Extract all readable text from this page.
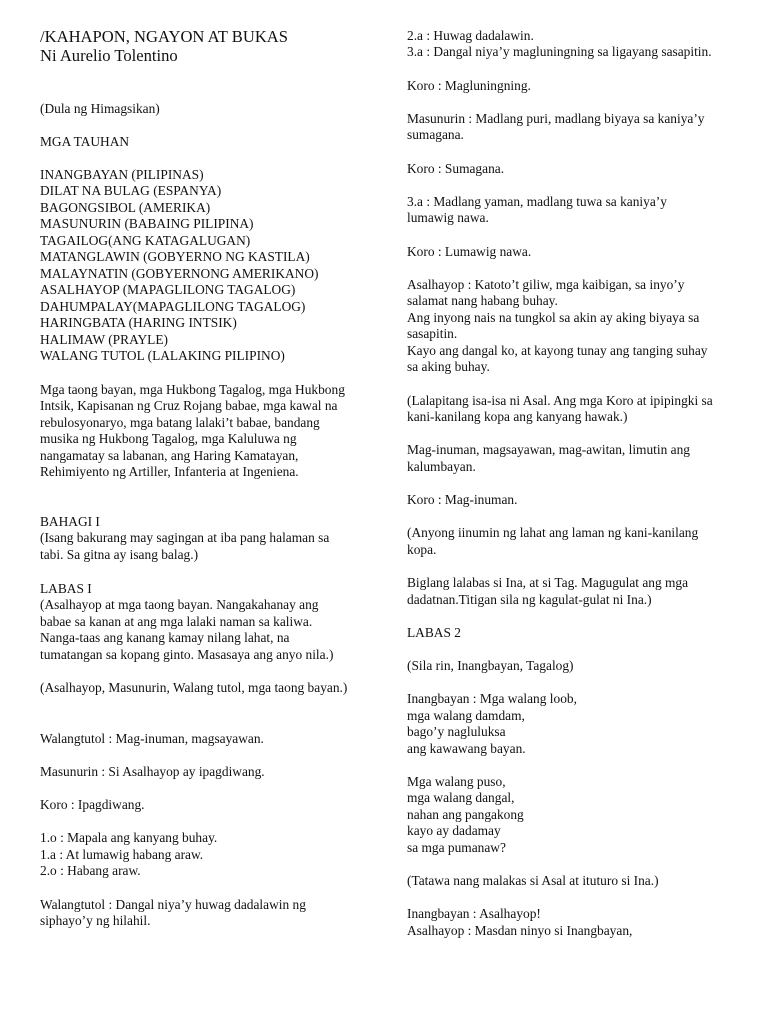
/KAHAPON, NGAYON AT BUKAS
Ni Aurelio Tolentino
(Dula ng Himagsikan)
MGA TAUHAN
INANGBAYAN (PILIPINAS)
DILAT NA BULAG (ESPANYA)
BAGONGSIBOL (AMERIKA)
MASUNURIN (BABAING PILIPINA)
TAGAILOG(ANG KATAGALUGAN)
MATANGLAWIN (GOBYERNO NG KASTILA)
MALAYNATIN (GOBYERNONG AMERIKANO)
ASALHAYOP (MAPAGLILONG TAGALOG)
DAHUMPALAY(MAPAGLILONG TAGALOG)
HARINGBATA (HARING INTSIK)
HALIMAW (PRAYLE)
WALANG TUTOL (LALAKING PILIPINO)
Mga taong bayan, mga Hukbong Tagalog, mga Hukbong
Intsik, Kapisanan ng Cruz Rojang babae, mga kawal na
rebulosyonaryo, mga batang lalaki’t babae, bandang
musika ng Hukbong Tagalog, mga Kaluluwa ng
nangamatay sa labanan, ang Haring Kamatayan,
Rehimiyento ng Artiller, Infanteria at Ingeniena.
BAHAGI I
(Isang bakurang may sagingan at iba pang halaman sa
tabi. Sa gitna ay isang balag.)
LABAS I
(Asalhayop at mga taong bayan. Nangakahanay ang
babae sa kanan at ang mga lalaki naman sa kaliwa.
Nanga-taas ang kanang kamay nilang lahat, na
tumatangan sa kopang ginto. Masasaya ang anyo nila.)
(Asalhayop, Masunurin, Walang tutol, mga taong bayan.)
Walangtutol : Mag-inuman, magsayawan.
Masunurin : Si Asalhayop ay ipagdiwang.
Koro : Ipagdiwang.
1.o : Mapala ang kanyang buhay.
1.a : At lumawig habang araw.
2.o : Habang araw.
Walangtutol : Dangal niya’y huwag dadalawin ng
siphayo’y ng hilahil.
2.a : Huwag dadalawin.
3.a : Dangal niya’y magluningning sa ligayang sasapitin.
Koro : Magluningning.
Masunurin : Madlang puri, madlang biyaya sa kaniya’y
sumagana.
Koro : Sumagana.
3.a : Madlang yaman, madlang tuwa sa kaniya’y
lumawig nawa.
Koro : Lumawig nawa.
Asalhayop : Katoto’t giliw, mga kaibigan, sa inyo’y
salamat nang habang buhay.
Ang inyong nais na tungkol sa akin ay aking biyaya sa
sasapitin.
Kayo ang dangal ko, at kayong tunay ang tanging suhay
sa aking buhay.
(Lalapitang isa-isa ni Asal. Ang mga Koro at ipipingki sa
kani-kanilang kopa ang kanyang hawak.)
Mag-inuman, magsayawan, mag-awitan, limutin ang
kalumbayan.
Koro : Mag-inuman.
(Anyong iinumin ng lahat ang laman ng kani-kanilang
kopa.
Biglang lalabas si Ina, at si Tag. Magugulat ang mga
dadatnan.Titigan sila ng kagulat-gulat ni Ina.)
LABAS 2
(Sila rin, Inangbayan, Tagalog)
Inangbayan : Mga walang loob,
mga walang damdam,
bago’y nagluluksa
ang kawawang bayan.
Mga walang puso,
mga walang dangal,
nahan ang pangakong
kayo ay dadamay
sa mga pumanaw?
(Tatawa nang malakas si Asal at ituturo si Ina.)
Inangbayan : Asalhayop!
Asalhayop : Masdan ninyo si Inangbayan,
